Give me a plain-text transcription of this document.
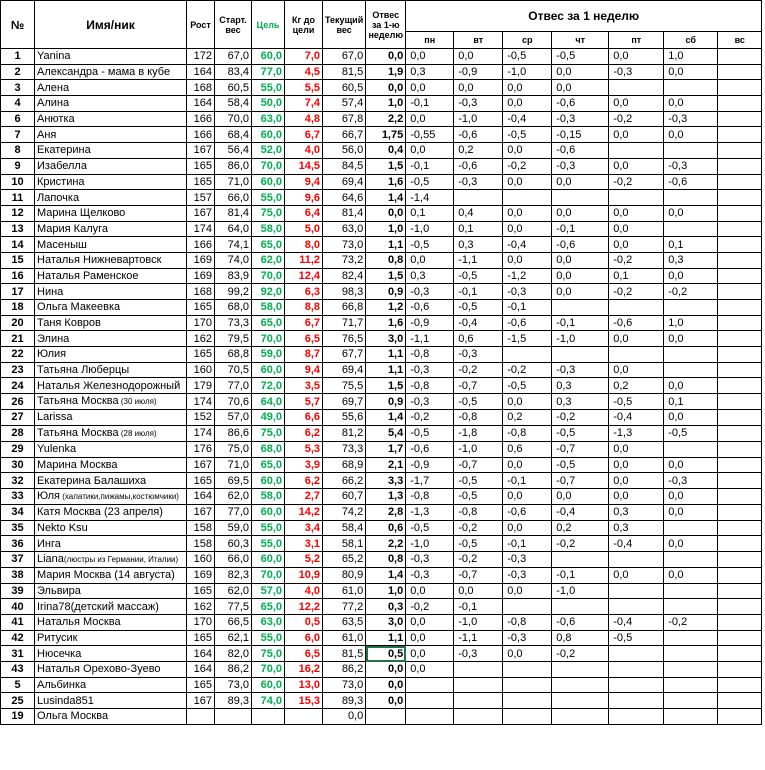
№	Имя/ник	Рост	Старт. вес	Цель	Кг до цели	Текущий вес	Отвес за 1-ю неделю	Отвес за 1 неделю						
								пн	вт	ср	чт	пт	сб	вс
1	Yanina	172	67,0	60,0	7,0	67,0	0,0	0,0	0,0	-0,5	-0,5	0,0	1,0	
2	Александра - мама в кубе	164	83,4	77,0	4,5	81,5	1,9	0,3	-0,9	-1,0	0,0	-0,3	0,0	
3	Алена	168	60,5	55,0	5,5	60,5	0,0	0,0	0,0	0,0	0,0			
4	Алина	164	58,4	50,0	7,4	57,4	1,0	-0,1	-0,3	0,0	-0,6	0,0	0,0	
6	Анютка	166	70,0	63,0	4,8	67,8	2,2	0,0	-1,0	-0,4	-0,3	-0,2	-0,3	
7	Аня	166	68,4	60,0	6,7	66,7	1,75	-0,55	-0,6	-0,5	-0,15	0,0	0,0	
8	Екатерина	167	56,4	52,0	4,0	56,0	0,4	0,0	0,2	0,0	-0,6			
9	Изабелла	165	86,0	70,0	14,5	84,5	1,5	-0,1	-0,6	-0,2	-0,3	0,0	-0,3	
10	Кристина	165	71,0	60,0	9,4	69,4	1,6	-0,5	-0,3	0,0	0,0	-0,2	-0,6	
11	Лапочка	157	66,0	55,0	9,6	64,6	1,4	-1,4						
12	Марина Щелково	167	81,4	75,0	6,4	81,4	0,0	0,1	0,4	0,0	0,0	0,0	0,0	
13	Мария Калуга	174	64,0	58,0	5,0	63,0	1,0	-1,0	0,1	0,0	-0,1	0,0		
14	Масеныш	166	74,1	65,0	8,0	73,0	1,1	-0,5	0,3	-0,4	-0,6	0,0	0,1	
15	Наталья Нижневартовск	169	74,0	62,0	11,2	73,2	0,8	0,0	-1,1	0,0	0,0	-0,2	0,3	
16	Наталья Раменское	169	83,9	70,0	12,4	82,4	1,5	0,3	-0,5	-1,2	0,0	0,1	0,0	
17	Нина	168	99,2	92,0	6,3	98,3	0,9	-0,3	-0,1	-0,3	0,0	-0,2	-0,2	
18	Ольга Макеевка	165	68,0	58,0	8,8	66,8	1,2	-0,6	-0,5	-0,1				
20	Таня Ковров	170	73,3	65,0	6,7	71,7	1,6	-0,9	-0,4	-0,6	-0,1	-0,6	1,0	
21	Элина	162	79,5	70,0	6,5	76,5	3,0	-1,1	0,6	-1,5	-1,0	0,0	0,0	
22	Юлия	165	68,8	59,0	8,7	67,7	1,1	-0,8	-0,3					
23	Татьяна Люберцы	160	70,5	60,0	9,4	69,4	1,1	-0,3	-0,2	-0,2	-0,3	0,0		
24	Наталья Железнодорожный	179	77,0	72,0	3,5	75,5	1,5	-0,8	-0,7	-0,5	0,3	0,2	0,0	
26	Татьяна Москва (30 июля)	174	70,6	64,0	5,7	69,7	0,9	-0,3	-0,5	0,0	0,3	-0,5	0,1	
27	Larissa	152	57,0	49,0	6,6	55,6	1,4	-0,2	-0,8	0,2	-0,2	-0,4	0,0	
28	Татьяна Москва (28 июля)	174	86,6	75,0	6,2	81,2	5,4	-0,5	-1,8	-0,8	-0,5	-1,3	-0,5	
29	Yulenka	176	75,0	68,0	5,3	73,3	1,7	-0,6	-1,0	0,6	-0,7	0,0		
30	Марина Москва	167	71,0	65,0	3,9	68,9	2,1	-0,9	-0,7	0,0	-0,5	0,0	0,0	
32	Екатерина Балашиха	165	69,5	60,0	6,2	66,2	3,3	-1,7	-0,5	-0,1	-0,7	0,0	-0,3	
33	Юля (халатики,пижамы,костюмчики)	164	62,0	58,0	2,7	60,7	1,3	-0,8	-0,5	0,0	0,0	0,0	0,0	
34	Катя Москва (23 апреля)	167	77,0	60,0	14,2	74,2	2,8	-1,3	-0,8	-0,6	-0,4	0,3	0,0	
35	Nekto Ksu	158	59,0	55,0	3,4	58,4	0,6	-0,5	-0,2	0,0	0,2	0,3		
36	Инга	158	60,3	55,0	3,1	58,1	2,2	-1,0	-0,5	-0,1	-0,2	-0,4	0,0	
37	Liana(люстры из Германии, Италии)	160	66,0	60,0	5,2	65,2	0,8	-0,3	-0,2	-0,3				
38	Мария Москва (14 августа)	169	82,3	70,0	10,9	80,9	1,4	-0,3	-0,7	-0,3	-0,1	0,0	0,0	
39	Эльвира	165	62,0	57,0	4,0	61,0	1,0	0,0	0,0	0,0	-1,0			
40	Irina78(детский массаж)	162	77,5	65,0	12,2	77,2	0,3	-0,2	-0,1					
41	Наталья Москва	170	66,5	63,0	0,5	63,5	3,0	0,0	-1,0	-0,8	-0,6	-0,4	-0,2	
42	Ритусик	165	62,1	55,0	6,0	61,0	1,1	0,0	-1,1	-0,3	0,8	-0,5		
31	Нюсечка	164	82,0	75,0	6,5	81,5	0,5	0,0	-0,3	0,0	-0,2			
43	Наталья Орехово-Зуево	164	86,2	70,0	16,2	86,2	0,0	0,0						
5	Альбинка	165	73,0	60,0	13,0	73,0	0,0							
25	Lusinda851	167	89,3	74,0	15,3	89,3	0,0							
19	Ольга Москва					0,0								
